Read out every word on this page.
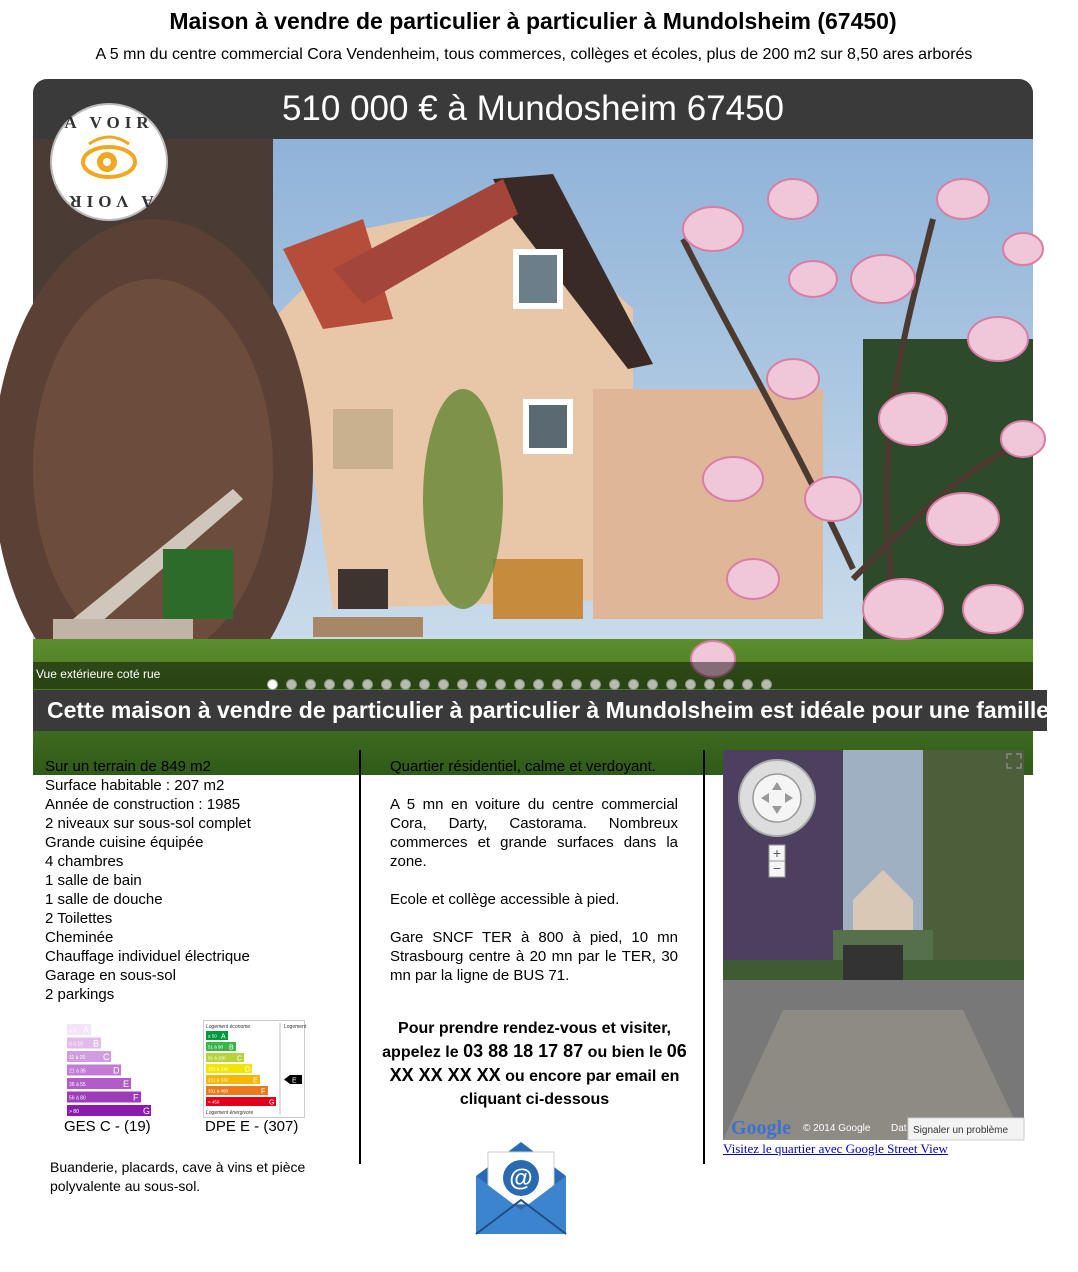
Maison à vendre de particulier à particulier à Mundolsheim (67450)
A 5 mn du centre commercial Cora Vendenheim, tous commerces, collèges et écoles, plus de 200 m2 sur 8,50 ares arborés
510 000 € à Mundosheim 67450
Vue extérieure coté rue
Cette maison à vendre de particulier à particulier à Mundolsheim est idéale pour une famille
A VOIR
A VOIR
Sur un terrain de 849 m2
Surface habitable : 207 m2
Année de construction : 1985
2 niveaux sur sous-sol complet
Grande cuisine équipée
4 chambres
1 salle de bain
1 salle de douche
2 Toilettes
Cheminée
Chauffage individuel électrique
Garage en sous-sol
2 parkings
≤ 5 A
6 à 10 B
11 à 20 C
21 à 35	D
36 à 55	E
56 à 80	F
> 80	G
Logement économe	Logement
≤ 50 A
51 à 90 B
91 à 150 C
151 à 230 D
231 à 330	E	E
331 à 450	F
> 450	G
Logement énergivore
GES C - (19)	DPE E - (307)
Buanderie, placards, cave à vins et pièce polyvalente au sous-sol.

Quartier résidentiel, calme et verdoyant.

A 5 mn en voiture du centre commercial Cora, Darty, Castorama. Nombreux commerces et grande surfaces dans la zone.

Ecole et collège accessible à pied.

Gare SNCF TER à 800 à pied, 10 mn Strasbourg centre à 20 mn par le TER, 30 mn par la ligne de BUS 71.

Pour prendre rendez-vous et visiter, appelez le 03 88 18 17 87 ou bien le 06 XX XX XX XX ou encore par email en cliquant ci-dessous
@
+
−
Google © 2014 Google Dat Signaler un problème
Visitez le quartier avec Google Street View
